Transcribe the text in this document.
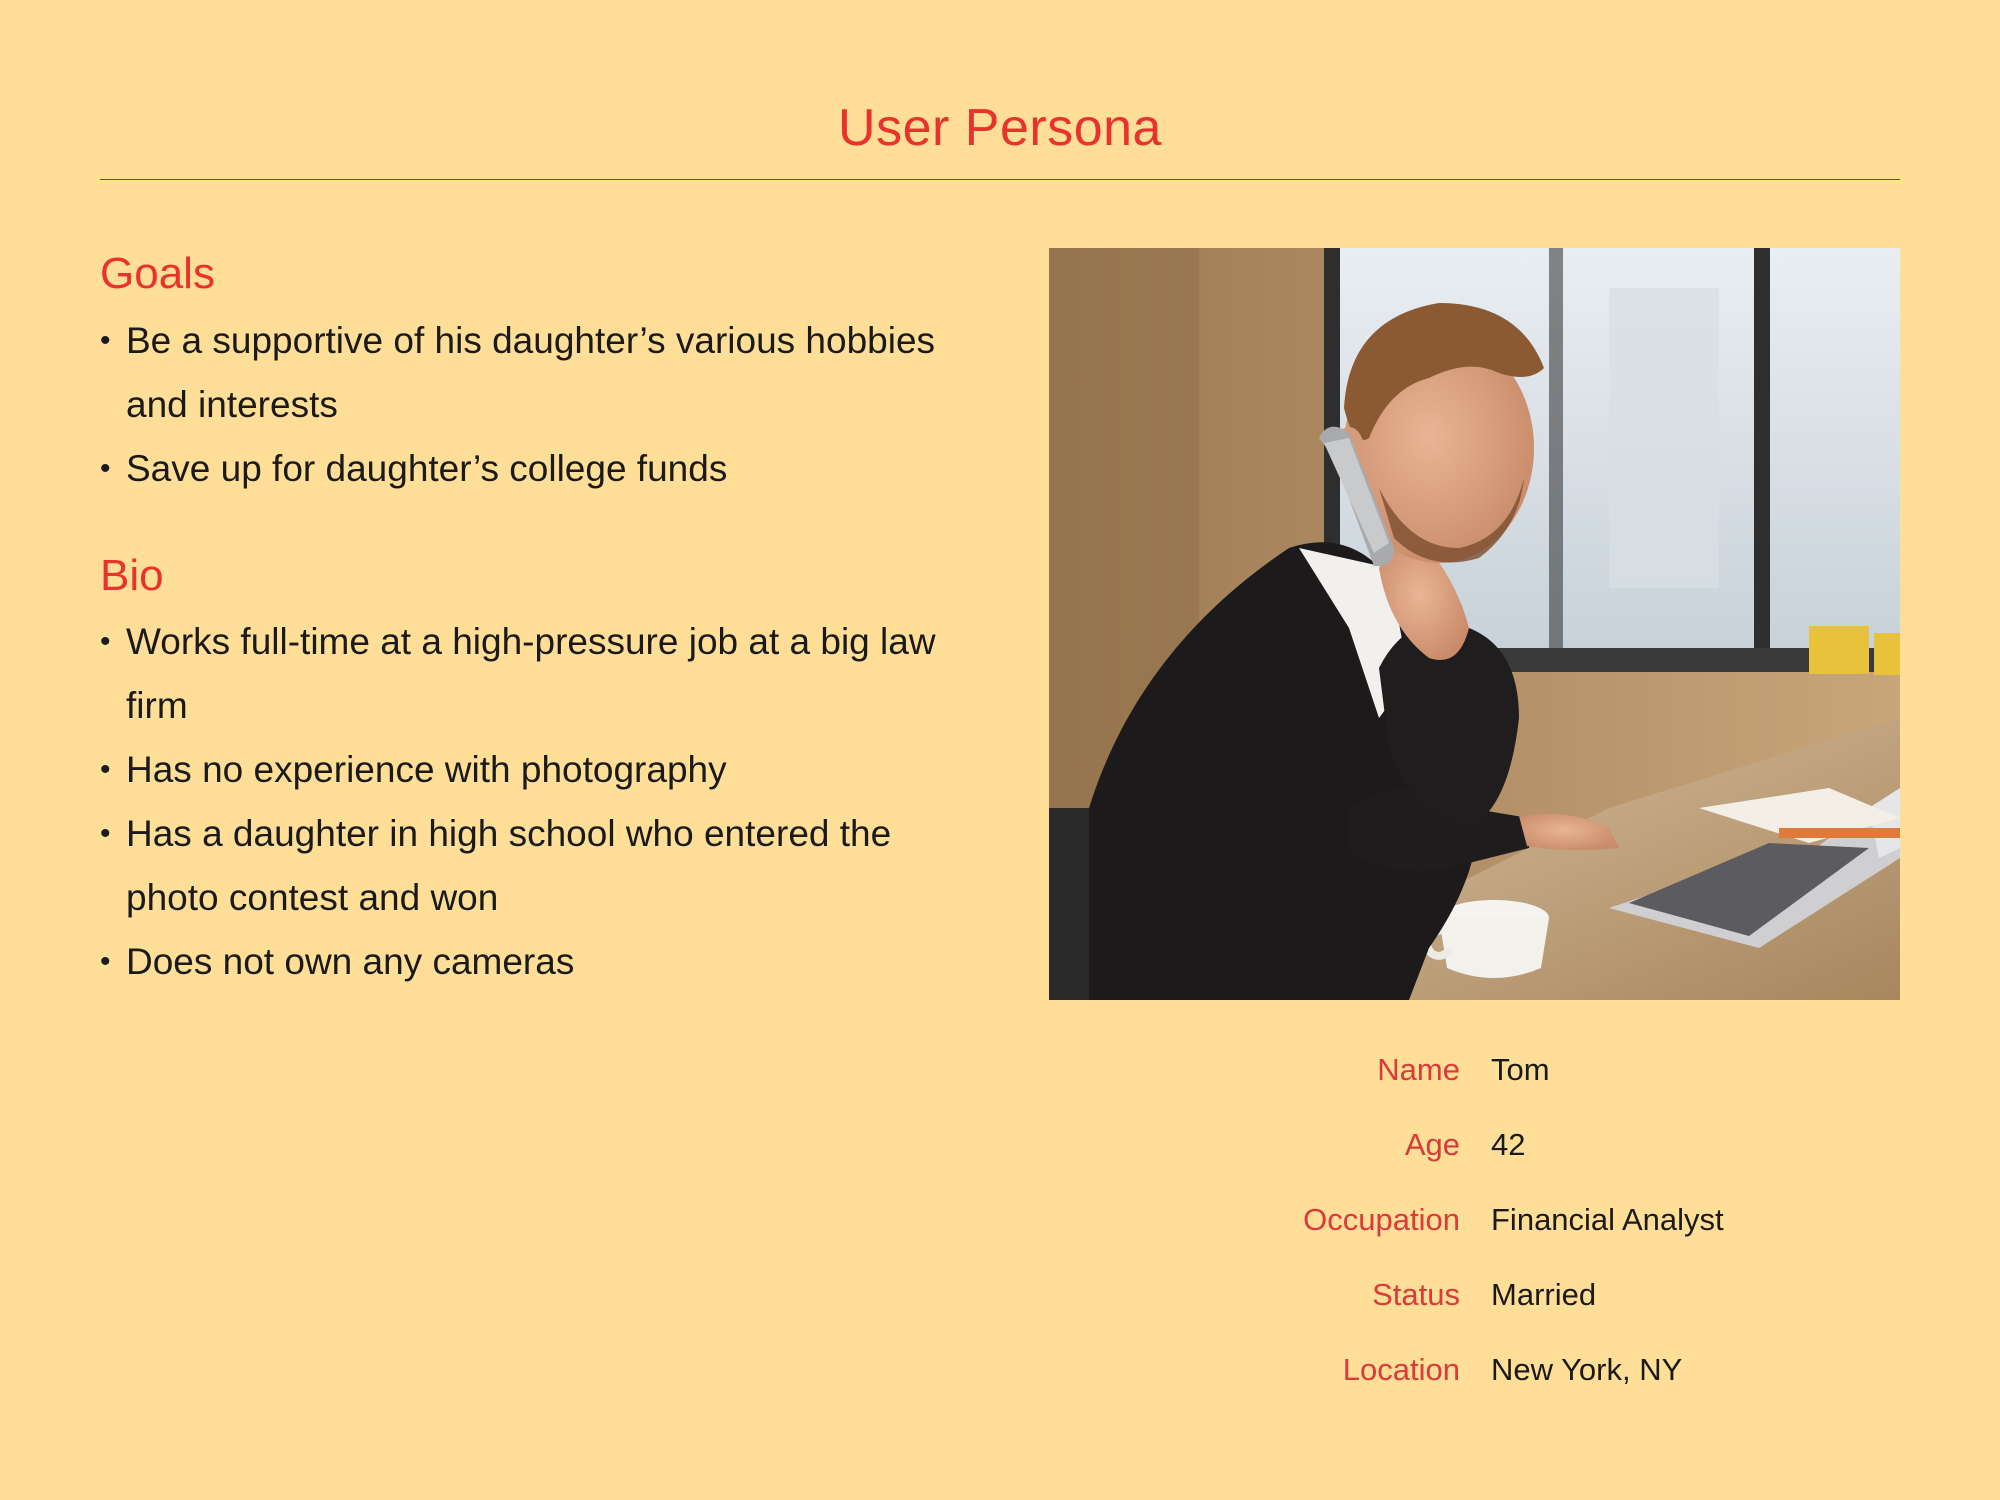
User Persona
Goals
• Be a supportive of his daughter’s various hobbies and interests
• Save up for daughter’s college funds
Bio
• Works full-time at a high-pressure job at a big law firm
• Has no experience with photography
• Has a daughter in high school who entered the photo contest and won
• Does not own any cameras
Name Tom
Age 42
Occupation Financial Analyst
Status Married
Location New York, NY
